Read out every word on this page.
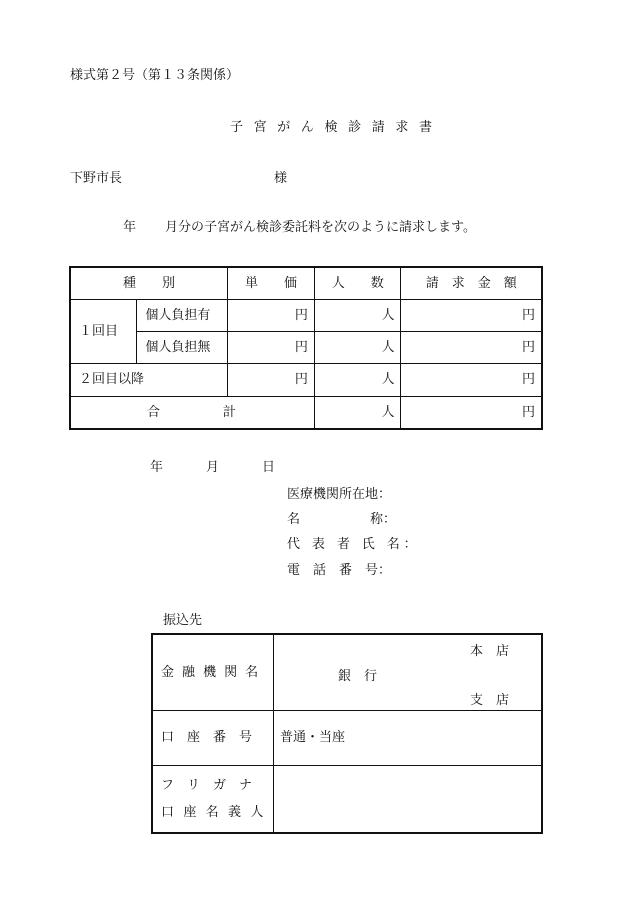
様式第２号（第１３条関係）
子 宮 が ん 検 診 請 求 書
下野市長	様
年 月分の子宮がん検診委託料を次のように請求します。
種　　別		単　　価	人　　数	請　求　金　額
１回目	個人負担有	円	人	円
	個人負担無	円	人	円
２回目以降		円	人	円

合 計			人	円
年	月	日
医療機関所在地：
名	称：
代 表 者 氏 名：
電　話　番　号：
振込先
金 融 機 関 名	本　店
銀　行
支　店

口　座　番　号	普通・当座

フ　リ　ガ　ナ
口 座 名 義 人	
